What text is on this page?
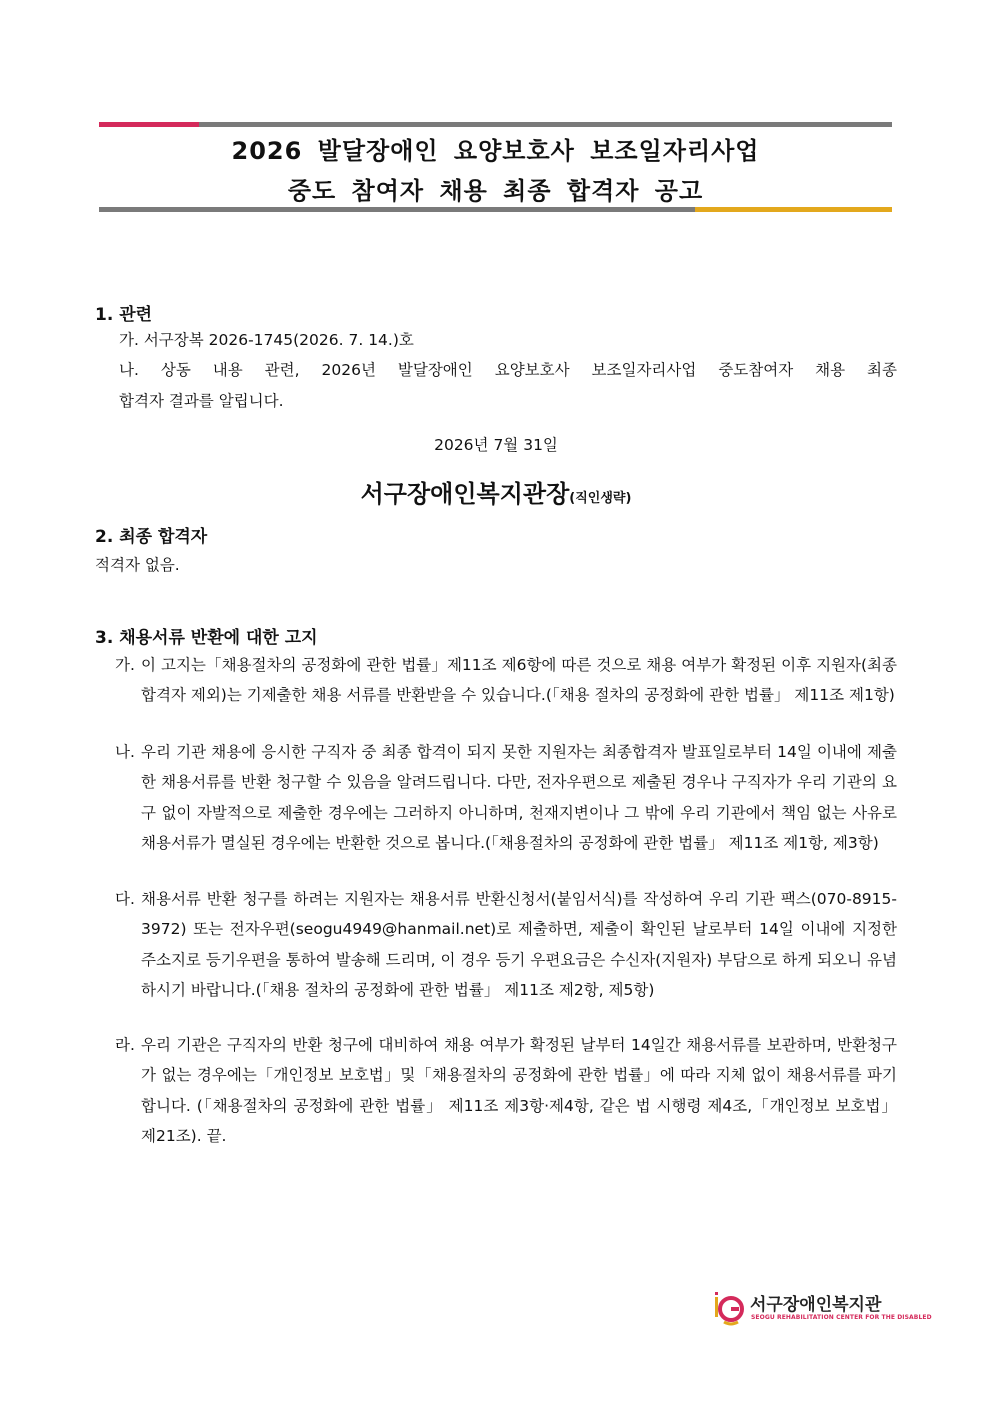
2026 발달장애인 요양보호사 보조일자리사업
중도 참여자 채용 최종 합격자 공고
1. 관련
가. 서구장복 2026-1745(2026. 7. 14.)호
나. 상동 내용 관련, 2026년 발달장애인 요양보호사 보조일자리사업 중도참여자 채용 최종
합격자 결과를 알립니다.
2026년 7월 31일
서구장애인복지관장(직인생략)
2. 최종 합격자
적격자 없음.
3. 채용서류 반환에 대한 고지
가. 이 고지는「채용절차의 공정화에 관한 법률」제11조 제6항에 따른 것으로 채용 여부가 확정된 이후 지원자(최종합격자 제외)는 기제출한 채용 서류를 반환받을 수 있습니다.(「채용 절차의 공정화에 관한 법률」 제11조 제1항)
나. 우리 기관 채용에 응시한 구직자 중 최종 합격이 되지 못한 지원자는 최종합격자 발표일로부터 14일 이내에 제출한 채용서류를 반환 청구할 수 있음을 알려드립니다. 다만, 전자우편으로 제출된 경우나 구직자가 우리 기관의 요구 없이 자발적으로 제출한 경우에는 그러하지 아니하며, 천재지변이나 그 밖에 우리 기관에서 책임 없는 사유로 채용서류가 멸실된 경우에는 반환한 것으로 봅니다.(「채용절차의 공정화에 관한 법률」 제11조 제1항, 제3항)
다. 채용서류 반환 청구를 하려는 지원자는 채용서류 반환신청서(붙임서식)를 작성하여 우리 기관 팩스(070-8915-3972) 또는 전자우편(seogu4949@hanmail.net)로 제출하면, 제출이 확인된 날로부터 14일 이내에 지정한 주소지로 등기우편을 통하여 발송해 드리며, 이 경우 등기 우편요금은 수신자(지원자) 부담으로 하게 되오니 유념하시기 바랍니다.(「채용 절차의 공정화에 관한 법률」 제11조 제2항, 제5항)
라. 우리 기관은 구직자의 반환 청구에 대비하여 채용 여부가 확정된 날부터 14일간 채용서류를 보관하며, 반환청구가 없는 경우에는「개인정보 보호법」및「채용절차의 공정화에 관한 법률」에 따라 지체 없이 채용서류를 파기합니다. (「채용절차의 공정화에 관한 법률」 제11조 제3항·제4항, 같은 법 시행령 제4조,「개인정보 보호법」 제21조). 끝.
서구장애인복지관
SEOGU REHABILITATION CENTER FOR THE DISABLED
